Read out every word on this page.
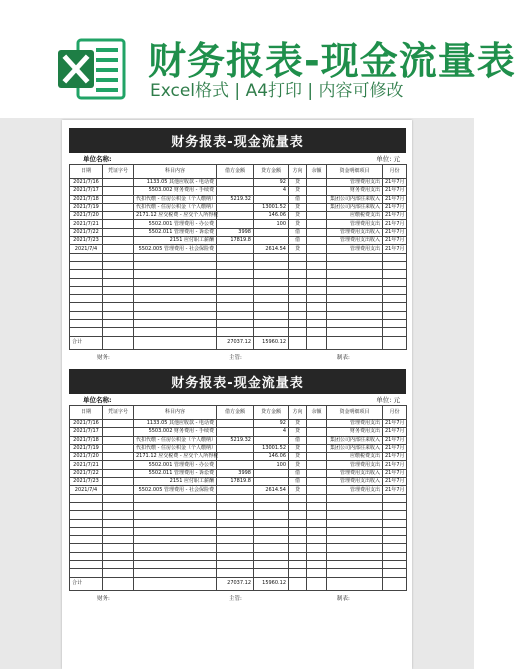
财务报表-现金流量表
Excel格式 | A4打印 | 内容可修改
财务报表-现金流量表
单位名称:	单位: 元
日期	凭证字号	科目内容	借方金额	贷方金额	方向	余额	资金明细项目	月份
2021/7/16		1133.05 其他应收款 - 电话费		92	贷		管理费用支出	21年7月
2021/7/17		5503.002 财务费用 - 手续费		4	贷		财务费用支出	21年7月
2021/7/18		代扣代缴 - 住房公积金（个人缴纳）	5219.32		借		集团公司内部往来收入	21年7月
2021/7/19		代扣代缴 - 住房公积金（个人缴纳）		13001.52	贷		集团公司内部往来收入	21年7月
2021/7/20		2171.12 应交税费 - 应交个人所得税		146.06	贷		应缴税费支出	21年7月
2021/7/21		5502.001 管理费用 - 办公费		100	贷		管理费用支出	21年7月
2021/7/22		5502.011 管理费用 - 诉讼费	3998		借		管理费用支出收入	21年7月
2021/7/23		2151 应付职工薪酬	17819.8		借		管理费用支出收入	21年7月
2021/7/4		5502.005 管理费用 - 社会保险费		2614.54	贷		管理费用支出	21年7月

合计			27037.12	15960.12				
财务:	主管:	制表:
财务报表-现金流量表
单位名称:	单位: 元
日期	凭证字号	科目内容	借方金额	贷方金额	方向	余额	资金明细项目	月份
2021/7/16		1133.05 其他应收款 - 电话费		92	贷		管理费用支出	21年7月
2021/7/17		5503.002 财务费用 - 手续费		4	贷		财务费用支出	21年7月
2021/7/18		代扣代缴 - 住房公积金（个人缴纳）	5219.32		借		集团公司内部往来收入	21年7月
2021/7/19		代扣代缴 - 住房公积金（个人缴纳）		13001.52	贷		集团公司内部往来收入	21年7月
2021/7/20		2171.12 应交税费 - 应交个人所得税		146.06	贷		应缴税费支出	21年7月
2021/7/21		5502.001 管理费用 - 办公费		100	贷		管理费用支出	21年7月
2021/7/22		5502.011 管理费用 - 诉讼费	3998		借		管理费用支出收入	21年7月
2021/7/23		2151 应付职工薪酬	17819.8		借		管理费用支出收入	21年7月
2021/7/4		5502.005 管理费用 - 社会保险费		2614.54	贷		管理费用支出	21年7月

合计			27037.12	15960.12				
财务:	主管:	制表:
